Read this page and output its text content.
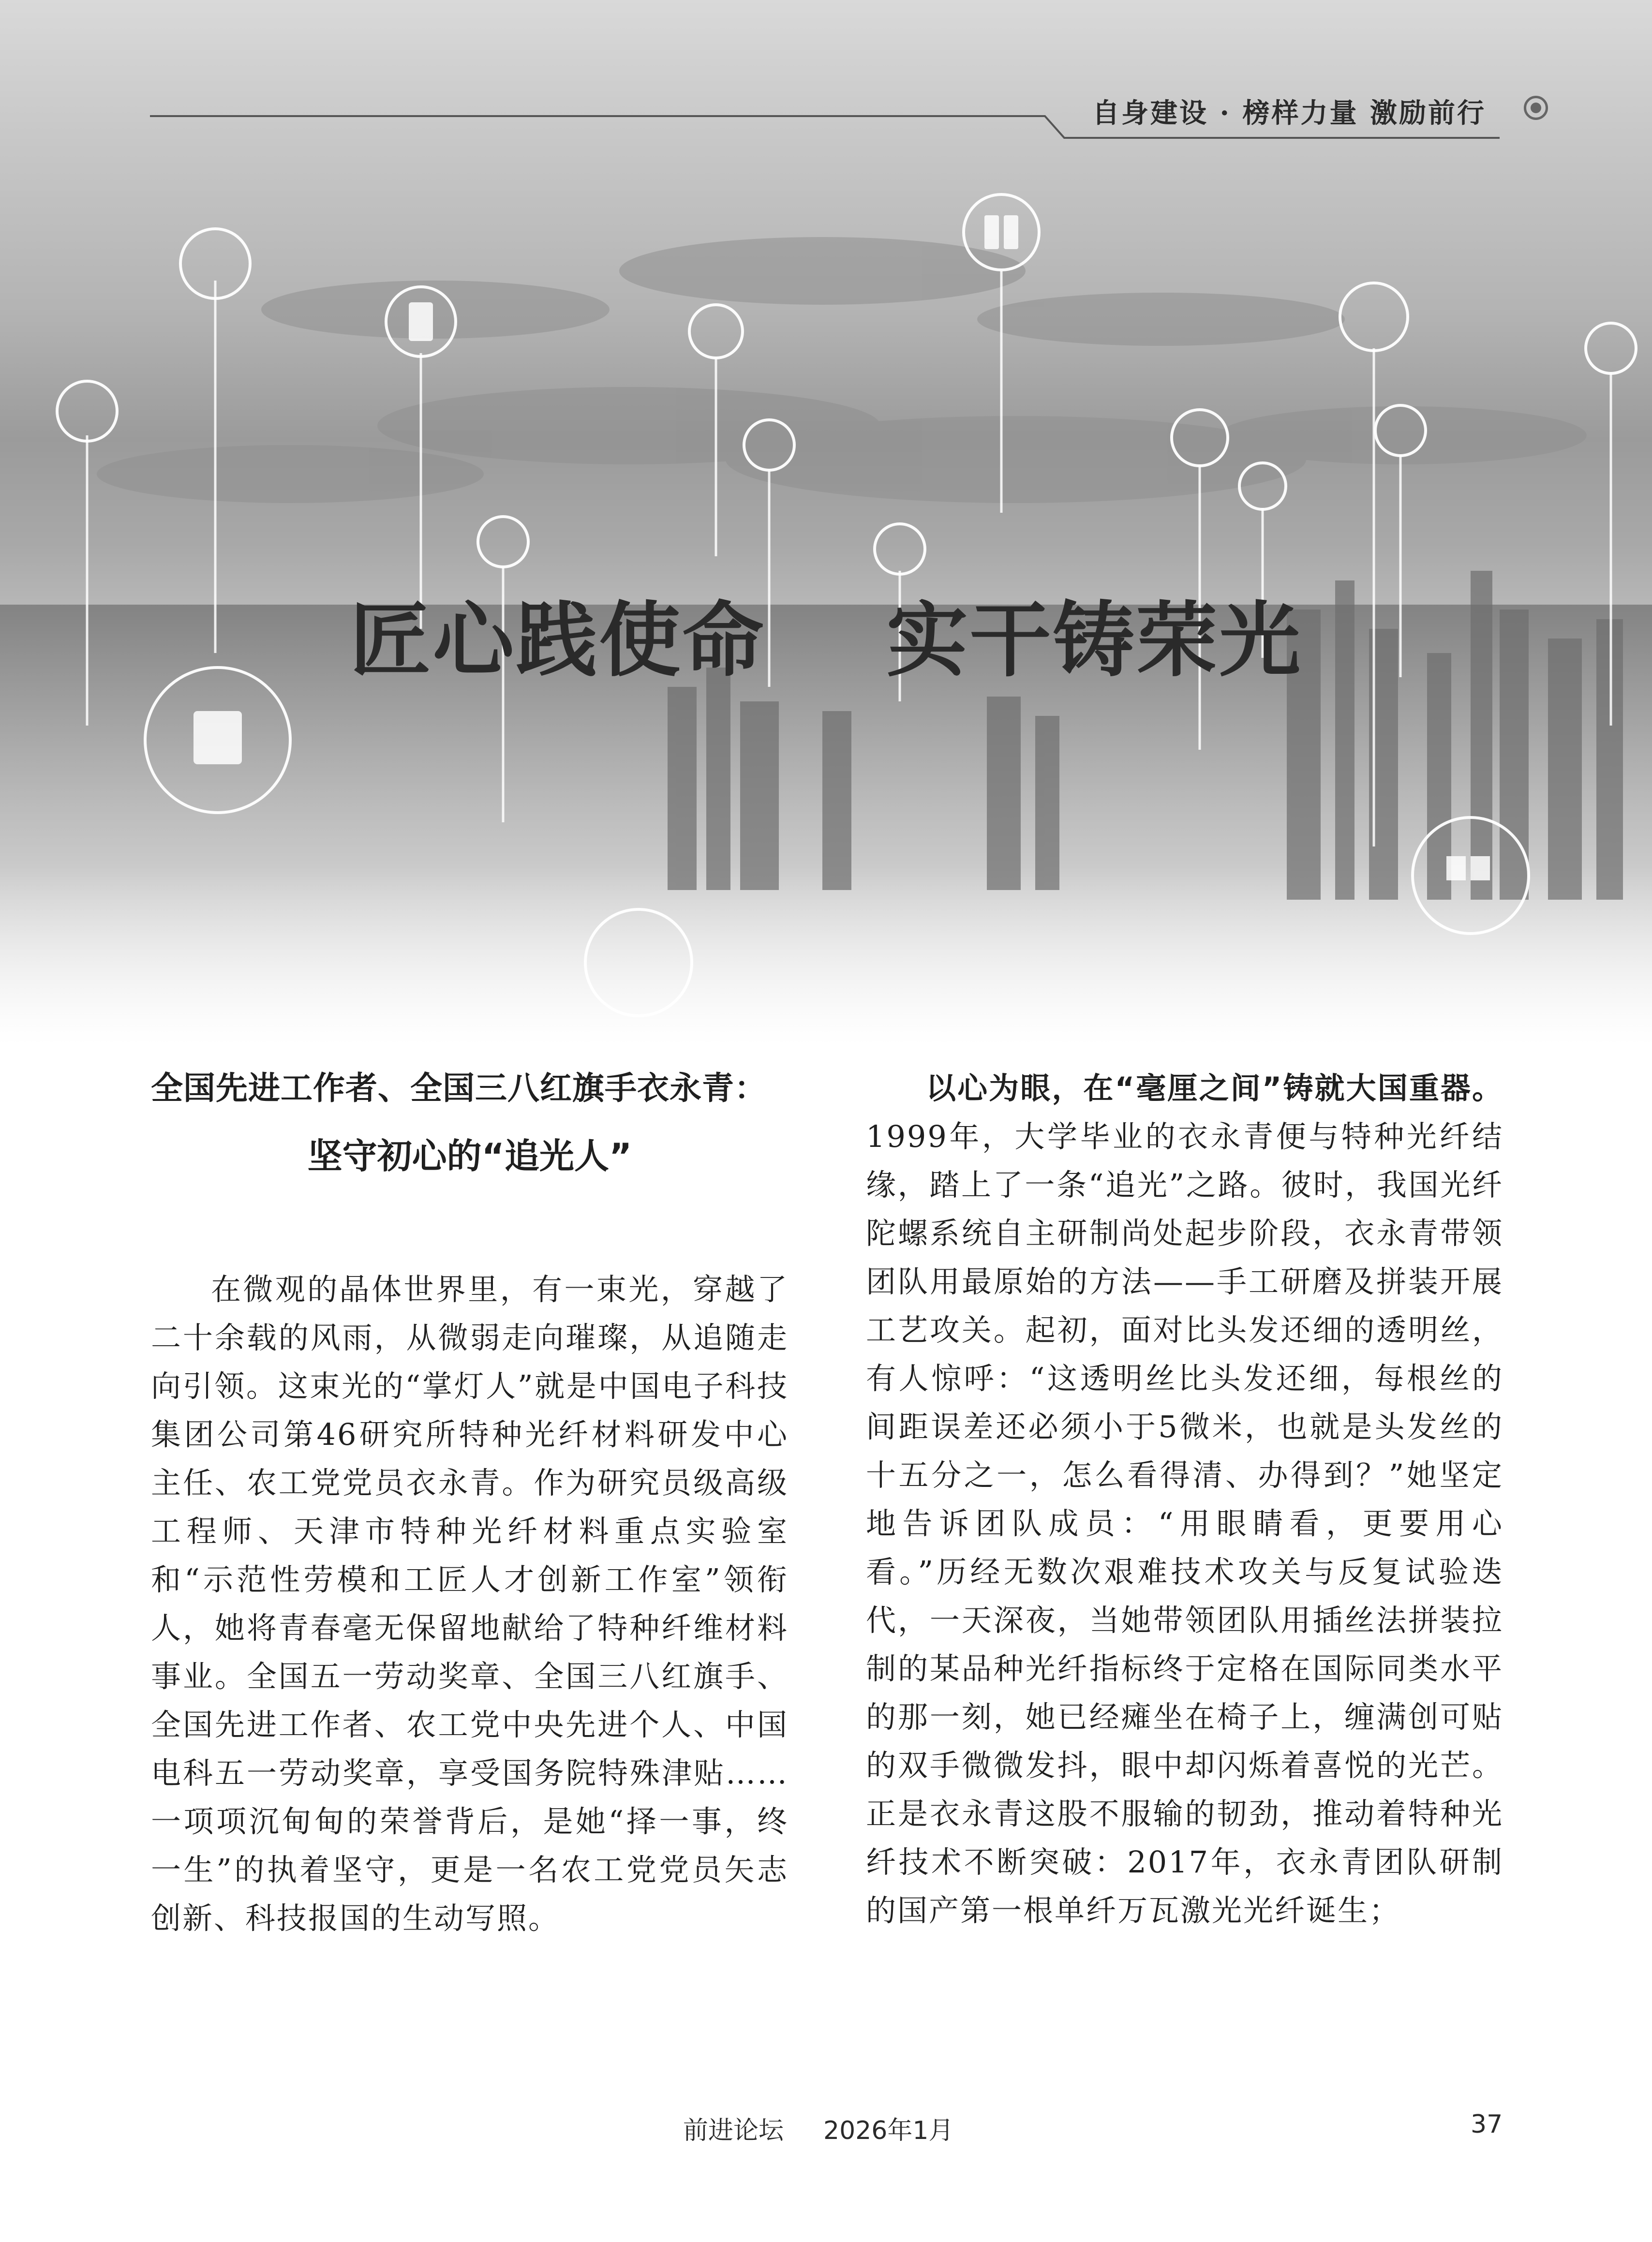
自身建设 · 榜样力量 激励前行
匠心践使命    实干铸荣光

全国先进工作者、全国三八红旗手衣永青：

坚守初心的“追光人”

在微观的晶体世界里，有一束光，穿越了二十余载的风雨，从微弱走向璀璨，从追随走向引领。这束光的“掌灯人”就是中国电子科技集团公司第46研究所特种光纤材料研发中心主任、农工党党员衣永青。作为研究员级高级工程师、天津市特种光纤材料重点实验室和“示范性劳模和工匠人才创新工作室”领衔人，她将青春毫无保留地献给了特种纤维材料事业。全国五一劳动奖章、全国三八红旗手、全国先进工作者、农工党中央先进个人、中国电科五一劳动奖章，享受国务院特殊津贴……一项项沉甸甸的荣誉背后，是她“择一事，终一生”的执着坚守，更是一名农工党党员矢志创新、科技报国的生动写照。

以心为眼，在“毫厘之间”铸就大国重器。1999年，大学毕业的衣永青便与特种光纤结缘，踏上了一条“追光”之路。彼时，我国光纤陀螺系统自主研制尚处起步阶段，衣永青带领团队用最原始的方法——手工研磨及拼装开展工艺攻关。起初，面对比头发还细的透明丝，有人惊呼：“这透明丝比头发还细，每根丝的间距误差还必须小于5微米，也就是头发丝的十五分之一，怎么看得清、办得到？”她坚定地告诉团队成员：“用眼睛看，更要用心看。”历经无数次艰难技术攻关与反复试验迭代，一天深夜，当她带领团队用插丝法拼装拉制的某品种光纤指标终于定格在国际同类水平的那一刻，她已经瘫坐在椅子上，缠满创可贴的双手微微发抖，眼中却闪烁着喜悦的光芒。正是衣永青这股不服输的韧劲，推动着特种光纤技术不断突破：2017年，衣永青团队研制的国产第一根单纤万瓦激光光纤诞生；

前进论坛 2026年1月	37
